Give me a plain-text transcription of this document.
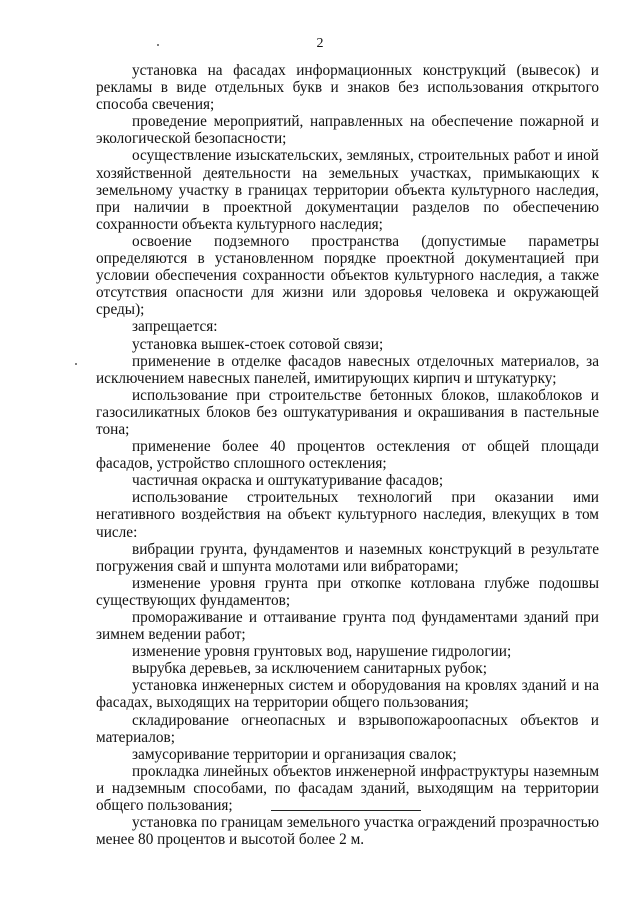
2

установка на фасадах информационных конструкций (вывесок) и рекламы в виде отдельных букв и знаков без использования открытого способа свечения;

проведение мероприятий, направленных на обеспечение пожарной и экологической безопасности;

осуществление изыскательских, земляных, строительных работ и иной хозяйственной деятельности на земельных участках, примыкающих к земельному участку в границах территории объекта культурного наследия, при наличии в проектной документации разделов по обеспечению сохранности объекта культурного наследия;

освоение подземного пространства (допустимые параметры определяются в установленном порядке проектной документацией при условии обеспечения сохранности объектов культурного наследия, а также отсутствия опасности для жизни или здоровья человека и окружающей среды);

запрещается:

установка вышек-стоек сотовой связи;

применение в отделке фасадов навесных отделочных материалов, за исключением навесных панелей, имитирующих кирпич и штукатурку;

использование при строительстве бетонных блоков, шлакоблоков и газосиликатных блоков без оштукатуривания и окрашивания в пастельные тона;

применение более 40 процентов остекления от общей площади фасадов, устройство сплошного остекления;

частичная окраска и оштукатуривание фасадов;

использование строительных технологий при оказании ими негативного воздействия на объект культурного наследия, влекущих в том числе:

вибрации грунта, фундаментов и наземных конструкций в результате погружения свай и шпунта молотами или вибраторами;

изменение уровня грунта при откопке котлована глубже подошвы существующих фундаментов;

промораживание и оттаивание грунта под фундаментами зданий при зимнем ведении работ;

изменение уровня грунтовых вод, нарушение гидрологии;

вырубка деревьев, за исключением санитарных рубок;

установка инженерных систем и оборудования на кровлях зданий и на фасадах, выходящих на территории общего пользования;

складирование огнеопасных и взрывопожароопасных объектов и материалов;

замусоривание территории и организация свалок;

прокладка линейных объектов инженерной инфраструктуры наземным и надземным способами, по фасадам зданий, выходящим на территории общего пользования;

установка по границам земельного участка ограждений прозрачностью менее 80 процентов и высотой более 2 м.
